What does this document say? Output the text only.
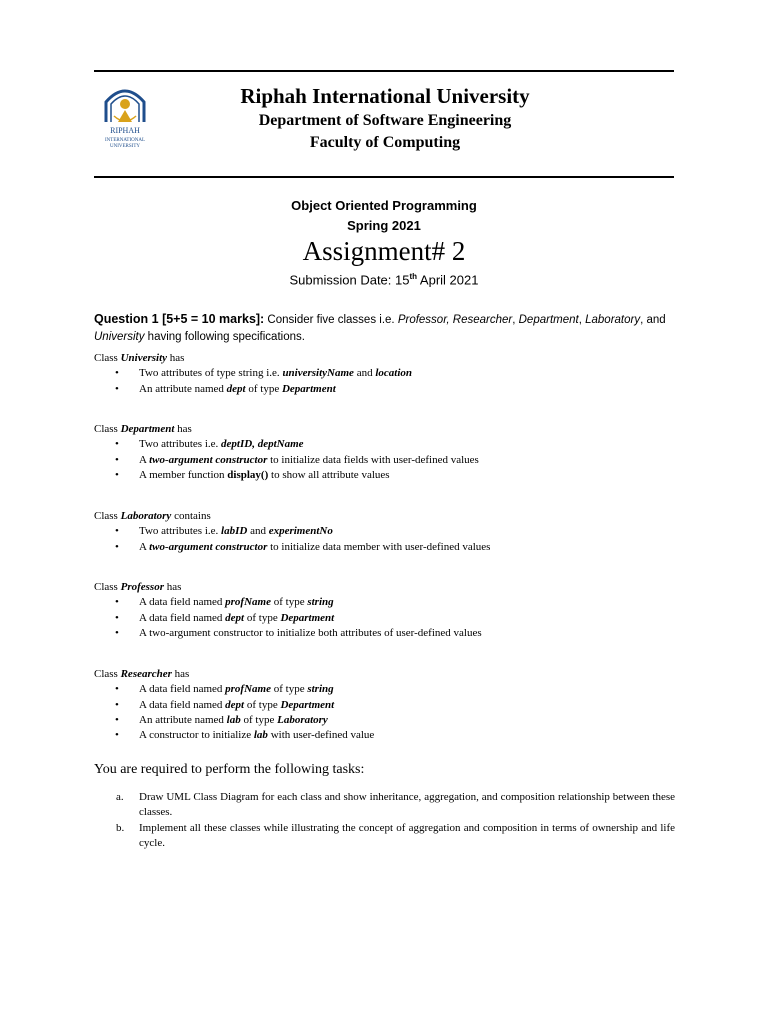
RIPHAH
INTERNATIONAL
UNIVERSITY
Riphah International University
Department of Software Engineering
Faculty of Computing
Object Oriented Programming
Spring 2021
Assignment# 2
Submission Date: 15th April 2021
Question 1 [5+5 = 10 marks]: Consider five classes i.e. Professor, Researcher, Department, Laboratory, and University having following specifications.
Class University has
• Two attributes of type string i.e. universityName and location
• An attribute named dept of type Department
Class Department has
• Two attributes i.e. deptID, deptName
• A two-argument constructor to initialize data fields with user-defined values
• A member function display() to show all attribute values
Class Laboratory contains
• Two attributes i.e. labID and experimentNo
• A two-argument constructor to initialize data member with user-defined values
Class Professor has
• A data field named profName of type string
• A data field named dept of type Department
• A two-argument constructor to initialize both attributes of user-defined values
Class Researcher has
• A data field named profName of type string
• A data field named dept of type Department
• An attribute named lab of type Laboratory
• A constructor to initialize lab with user-defined value
You are required to perform the following tasks:
a. Draw UML Class Diagram for each class and show inheritance, aggregation, and composition relationship between these classes.
b. Implement all these classes while illustrating the concept of aggregation and composition in terms of ownership and life cycle.
